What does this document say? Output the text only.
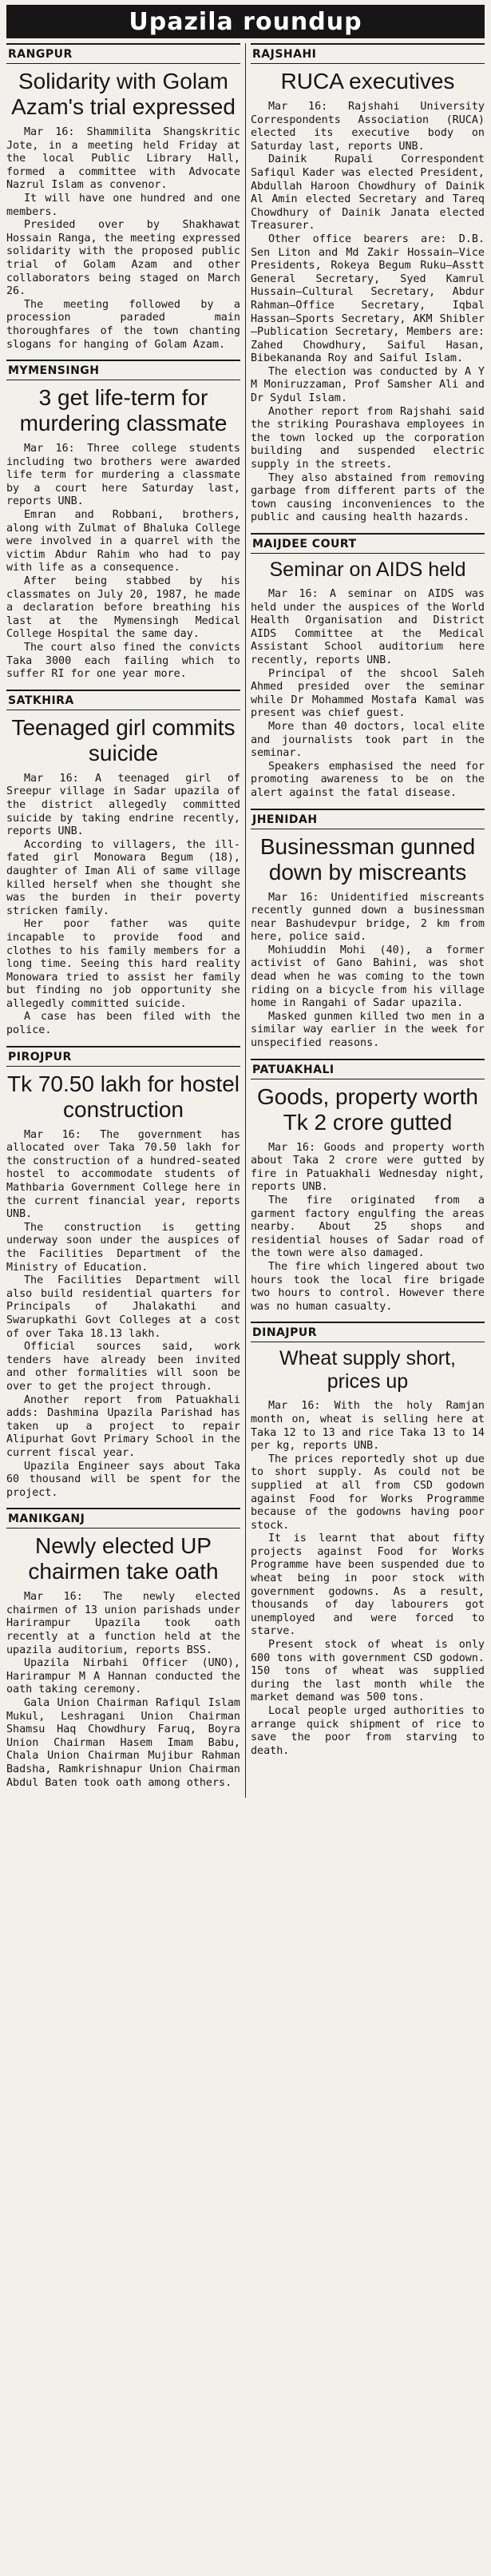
Upazila roundup
RANGPUR
Solidarity with Golam Azam's trial expressed

Mar 16: Shammilita Shangskritic Jote, in a meeting held Friday at the local Public Library Hall, formed a committee with Advocate Nazrul Islam as convenor.

It will have one hundred and one members.

Presided over by Shakhawat Hossain Ranga, the meeting expressed solidarity with the proposed public trial of Golam Azam and other collaborators being staged on March 26.

The meeting followed by a procession paraded main thoroughfares of the town chanting slogans for hanging of Golam Azam.

MYMENSINGH
3 get life-term for murdering classmate

Mar 16: Three college students including two brothers were awarded life term for murdering a classmate by a court here Saturday last, reports UNB.

Emran and Robbani, brothers, along with Zulmat of Bhaluka College were involved in a quarrel with the victim Abdur Rahim who had to pay with life as a consequence.

After being stabbed by his classmates on July 20, 1987, he made a declaration before breathing his last at the Mymensingh Medical College Hospital the same day.

The court also fined the convicts Taka 3000 each failing which to suffer RI for one year more.

SATKHIRA
Teenaged girl commits suicide

Mar 16: A teenaged girl of Sreepur village in Sadar upazila of the district allegedly committed suicide by taking endrine recently, reports UNB.

According to villagers, the ill-fated girl Monowara Begum (18), daughter of Iman Ali of same village killed herself when she thought she was the burden in their poverty stricken family.

Her poor father was quite incapable to provide food and clothes to his family members for a long time. Seeing this hard reality Monowara tried to assist her family but finding no job opportunity she allegedly committed suicide.

A case has been filed with the police.

PIROJPUR
Tk 70.50 lakh for hostel construction

Mar 16: The government has allocated over Taka 70.50 lakh for the construction of a hundred-seated hostel to accommodate students of Mathbaria Government College here in the current financial year, reports UNB.

The construction is getting underway soon under the auspices of the Facilities Department of the Ministry of Education.

The Facilities Department will also build residential quarters for Principals of Jhalakathi and Swarupkathi Govt Colleges at a cost of over Taka 18.13 lakh.

Official sources said, work tenders have already been invited and other formalities will soon be over to get the project through.

Another report from Patuakhali adds: Dashmina Upazila Parishad has taken up a project to repair Alipurhat Govt Primary School in the current fiscal year.

Upazila Engineer says about Taka 60 thousand will be spent for the project.

MANIKGANJ
Newly elected UP chairmen take oath

Mar 16: The newly elected chairmen of 13 union parishads under Harirampur Upazila took oath recently at a function held at the upazila auditorium, reports BSS.

Upazila Nirbahi Officer (UNO), Harirampur M A Hannan conducted the oath taking ceremony.

Gala Union Chairman Rafiqul Islam Mukul, Leshragani Union Chairman Shamsu Haq Chowdhury Faruq, Boyra Union Chairman Hasem Imam Babu, Chala Union Chairman Mujibur Rahman Badsha, Ramkrishnapur Union Chairman Abdul Baten took oath among others.

RAJSHAHI
RUCA executives

Mar 16: Rajshahi University Correspondents Association (RUCA) elected its executive body on Saturday last, reports UNB.

Dainik Rupali Correspondent Safiqul Kader was elected President, Abdullah Haroon Chowdhury of Dainik Al Amin elected Secretary and Tareq Chowdhury of Dainik Janata elected Treasurer.

Other office bearers are: D.B. Sen Liton and Md Zakir Hossain—Vice Presidents, Rokeya Begum Ruku—Asstt General Secretary, Syed Kamrul Hussain—Cultural Secretary, Abdur Rahman—Office Secretary, Iqbal Hassan—Sports Secretary, AKM Shibler—Publication Secretary, Members are: Zahed Chowdhury, Saiful Hasan, Bibekananda Roy and Saiful Islam.

The election was conducted by A Y M Moniruzzaman, Prof Samsher Ali and Dr Sydul Islam.

Another report from Rajshahi said the striking Pourashava employees in the town locked up the corporation building and suspended electric supply in the streets.

They also abstained from removing garbage from different parts of the town causing inconveniences to the public and causing health hazards.

MAIJDEE COURT
Seminar on AIDS held

Mar 16: A seminar on AIDS was held under the auspices of the World Health Organisation and District AIDS Committee at the Medical Assistant School auditorium here recently, reports UNB.

Principal of the shcool Saleh Ahmed presided over the seminar while Dr Mohammed Mostafa Kamal was present was chief guest.

More than 40 doctors, local elite and journalists took part in the seminar.

Speakers emphasised the need for promoting awareness to be on the alert against the fatal disease.

JHENIDAH
Businessman gunned down by miscreants

Mar 16: Unidentified miscreants recently gunned down a businessman near Bashudevpur bridge, 2 km from here, police said.

Mohiuddin Mohi (40), a former activist of Gano Bahini, was shot dead when he was coming to the town riding on a bicycle from his village home in Rangahi of Sadar upazila.

Masked gunmen killed two men in a similar way earlier in the week for unspecified reasons.

PATUAKHALI
Goods, property worth Tk 2 crore gutted

Mar 16: Goods and property worth about Taka 2 crore were gutted by fire in Patuakhali Wednesday night, reports UNB.

The fire originated from a garment factory engulfing the areas nearby. About 25 shops and residential houses of Sadar road of the town were also damaged.

The fire which lingered about two hours took the local fire brigade two hours to control. However there was no human casualty.

DINAJPUR
Wheat supply short, prices up

Mar 16: With the holy Ramjan month on, wheat is selling here at Taka 12 to 13 and rice Taka 13 to 14 per kg, reports UNB.

The prices reportedly shot up due to short supply. As could not be supplied at all from CSD godown against Food for Works Programme because of the godowns having poor stock.

It is learnt that about fifty projects against Food for Works Programme have been suspended due to wheat being in poor stock with government godowns. As a result, thousands of day labourers got unemployed and were forced to starve.

Present stock of wheat is only 600 tons with government CSD godown. 150 tons of wheat was supplied during the last month while the market demand was 500 tons.

Local people urged authorities to arrange quick shipment of rice to save the poor from starving to death.
